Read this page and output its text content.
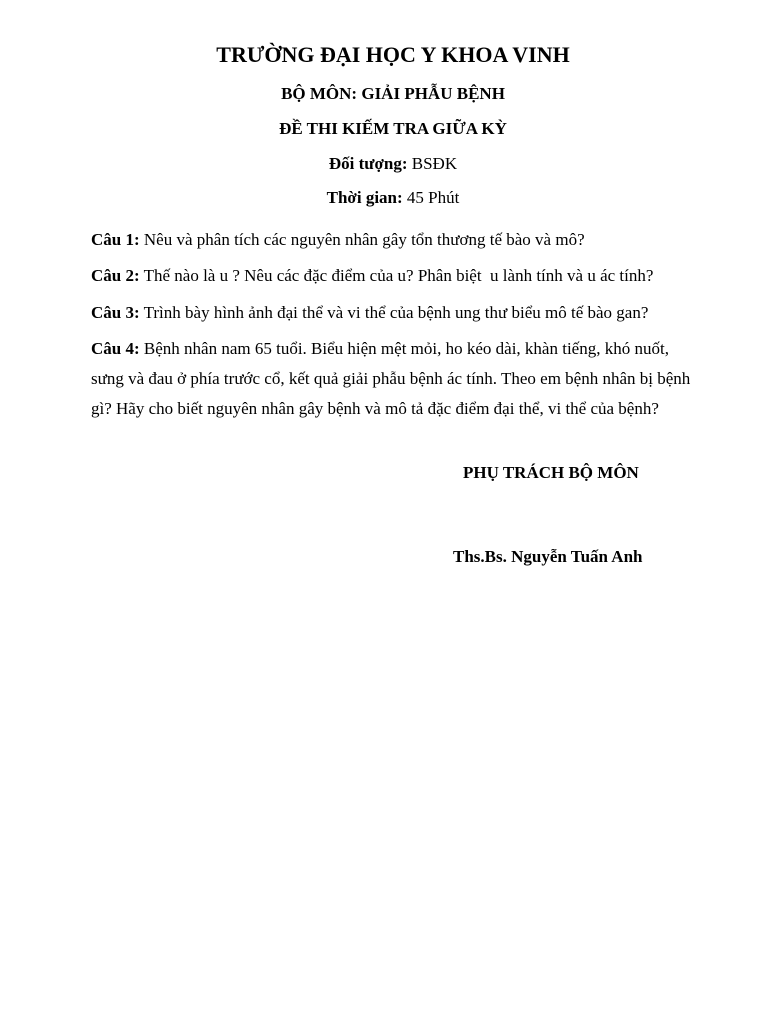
TRƯỜNG ĐẠI HỌC Y KHOA VINH
BỘ MÔN: GIẢI PHẪU BỆNH
ĐỀ THI KIẾM TRA GIỮA KỲ
Đối tượng: BSĐK
Thời gian: 45 Phút
Câu 1: Nêu và phân tích các nguyên nhân gây tổn thương tế bào và mô?
Câu 2: Thế nào là u ? Nêu các đặc điểm của u? Phân biệt  u lành tính và u ác tính?
Câu 3: Trình bày hình ảnh đại thể và vi thể của bệnh ung thư biểu mô tế bào gan?
Câu 4: Bệnh nhân nam 65 tuổi. Biểu hiện mệt mỏi, ho kéo dài, khàn tiếng, khó nuốt, sưng và đau ở phía trước cổ, kết quả giải phẫu bệnh ác tính. Theo em bệnh nhân bị bệnh gì? Hãy cho biết nguyên nhân gây bệnh và mô tả đặc điểm đại thể, vi thể của bệnh?
PHỤ TRÁCH BỘ MÔN
Ths.Bs. Nguyễn Tuấn Anh
